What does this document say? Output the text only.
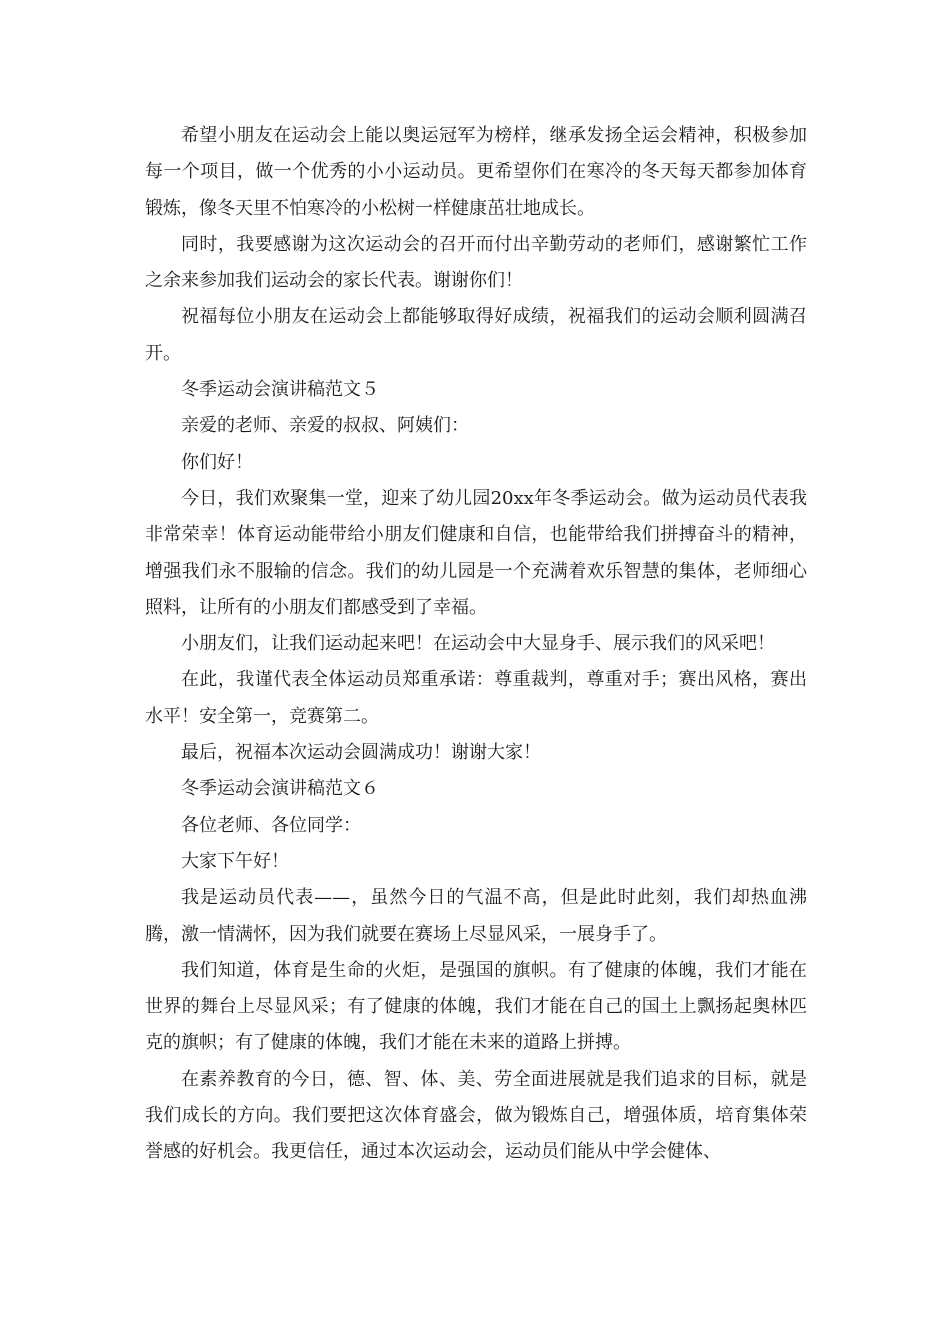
希望小朋友在运动会上能以奥运冠军为榜样，继承发扬全运会精神，积极参加每一个项目，做一个优秀的小小运动员。更希望你们在寒冷的冬天每天都参加体育锻炼，像冬天里不怕寒冷的小松树一样健康茁壮地成长。

同时，我要感谢为这次运动会的召开而付出辛勤劳动的老师们，感谢繁忙工作之余来参加我们运动会的家长代表。谢谢你们！

祝福每位小朋友在运动会上都能够取得好成绩，祝福我们的运动会顺利圆满召开。

冬季运动会演讲稿范文５

亲爱的老师、亲爱的叔叔、阿姨们：

你们好！

今日，我们欢聚集一堂，迎来了幼儿园20xx年冬季运动会。做为运动员代表我非常荣幸！体育运动能带给小朋友们健康和自信，也能带给我们拼搏奋斗的精神，增强我们永不服输的信念。我们的幼儿园是一个充满着欢乐智慧的集体，老师细心照料，让所有的小朋友们都感受到了幸福。

小朋友们，让我们运动起来吧！在运动会中大显身手、展示我们的风采吧！

在此，我谨代表全体运动员郑重承诺：尊重裁判，尊重对手；赛出风格，赛出水平！安全第一，竞赛第二。

最后，祝福本次运动会圆满成功！谢谢大家！

冬季运动会演讲稿范文６

各位老师、各位同学：

大家下午好！

我是运动员代表——，虽然今日的气温不高，但是此时此刻，我们却热血沸腾，激一情满怀，因为我们就要在赛场上尽显风采，一展身手了。

我们知道，体育是生命的火炬，是强国的旗帜。有了健康的体魄，我们才能在世界的舞台上尽显风采；有了健康的体魄，我们才能在自己的国土上飘扬起奥林匹克的旗帜；有了健康的体魄，我们才能在未来的道路上拼搏。

在素养教育的今日，德、智、体、美、劳全面进展就是我们追求的目标，就是我们成长的方向。我们要把这次体育盛会，做为锻炼自己，增强体质，培育集体荣誉感的好机会。我更信任，通过本次运动会，运动员们能从中学会健体、
